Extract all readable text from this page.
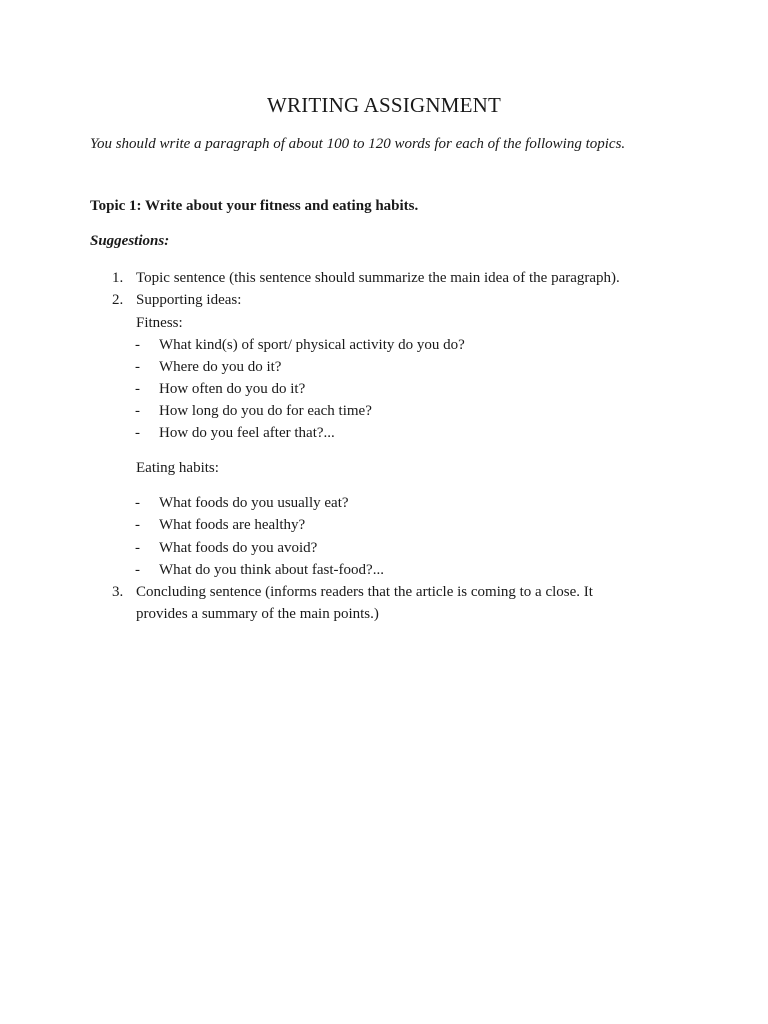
WRITING ASSIGNMENT

You should write a paragraph of about 100 to 120 words for each of the following topics.

Topic 1: Write about your fitness and eating habits.

Suggestions:

1. Topic sentence (this sentence should summarize the main idea of the paragraph).
2. Supporting ideas:
Fitness:
- What kind(s) of sport/ physical activity do you do?
- Where do you do it?
- How often do you do it?
- How long do you do for each time?
- How do you feel after that?...
Eating habits:
- What foods do you usually eat?
- What foods are healthy?
- What foods do you avoid?
- What do you think about fast-food?...
3. Concluding sentence (informs readers that the article is coming to a close. It
provides a summary of the main points.)
